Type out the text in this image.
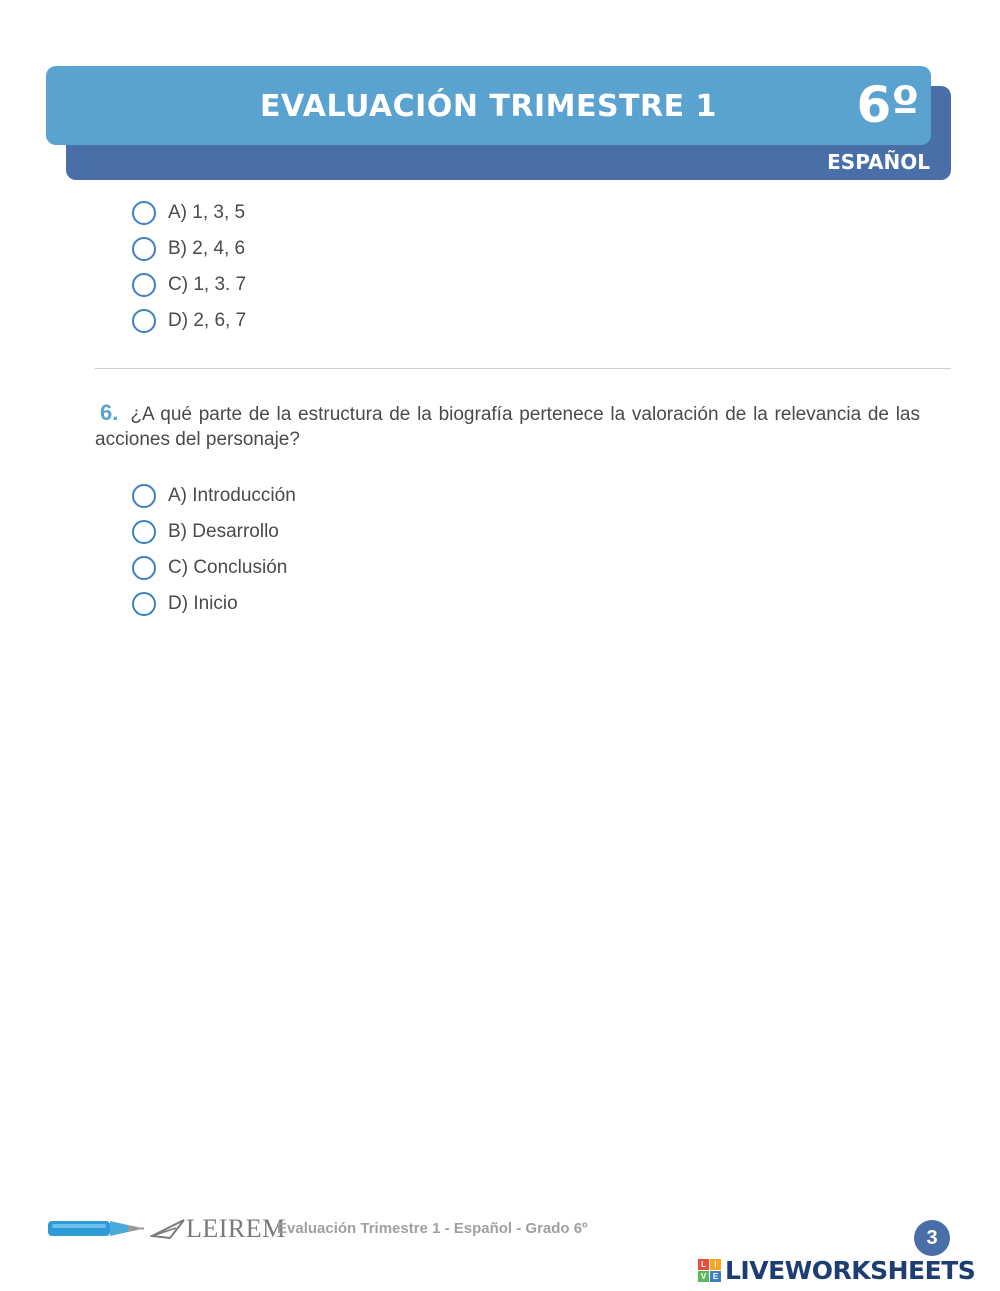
EVALUACIÓN TRIMESTRE 1	6º
ESPAÑOL
A) 1, 3, 5
B) 2, 4, 6
C) 1, 3. 7
D) 2, 6, 7
6. ¿A qué parte de la estructura de la biografía pertenece la valoración de la relevancia de las acciones del personaje?
A) Introducción
B) Desarrollo
C) Conclusión
D) Inicio
LEIREM
Evaluación Trimestre 1 - Español - Grado 6º	3
L	I
V E LIVEWORKSHEETS
